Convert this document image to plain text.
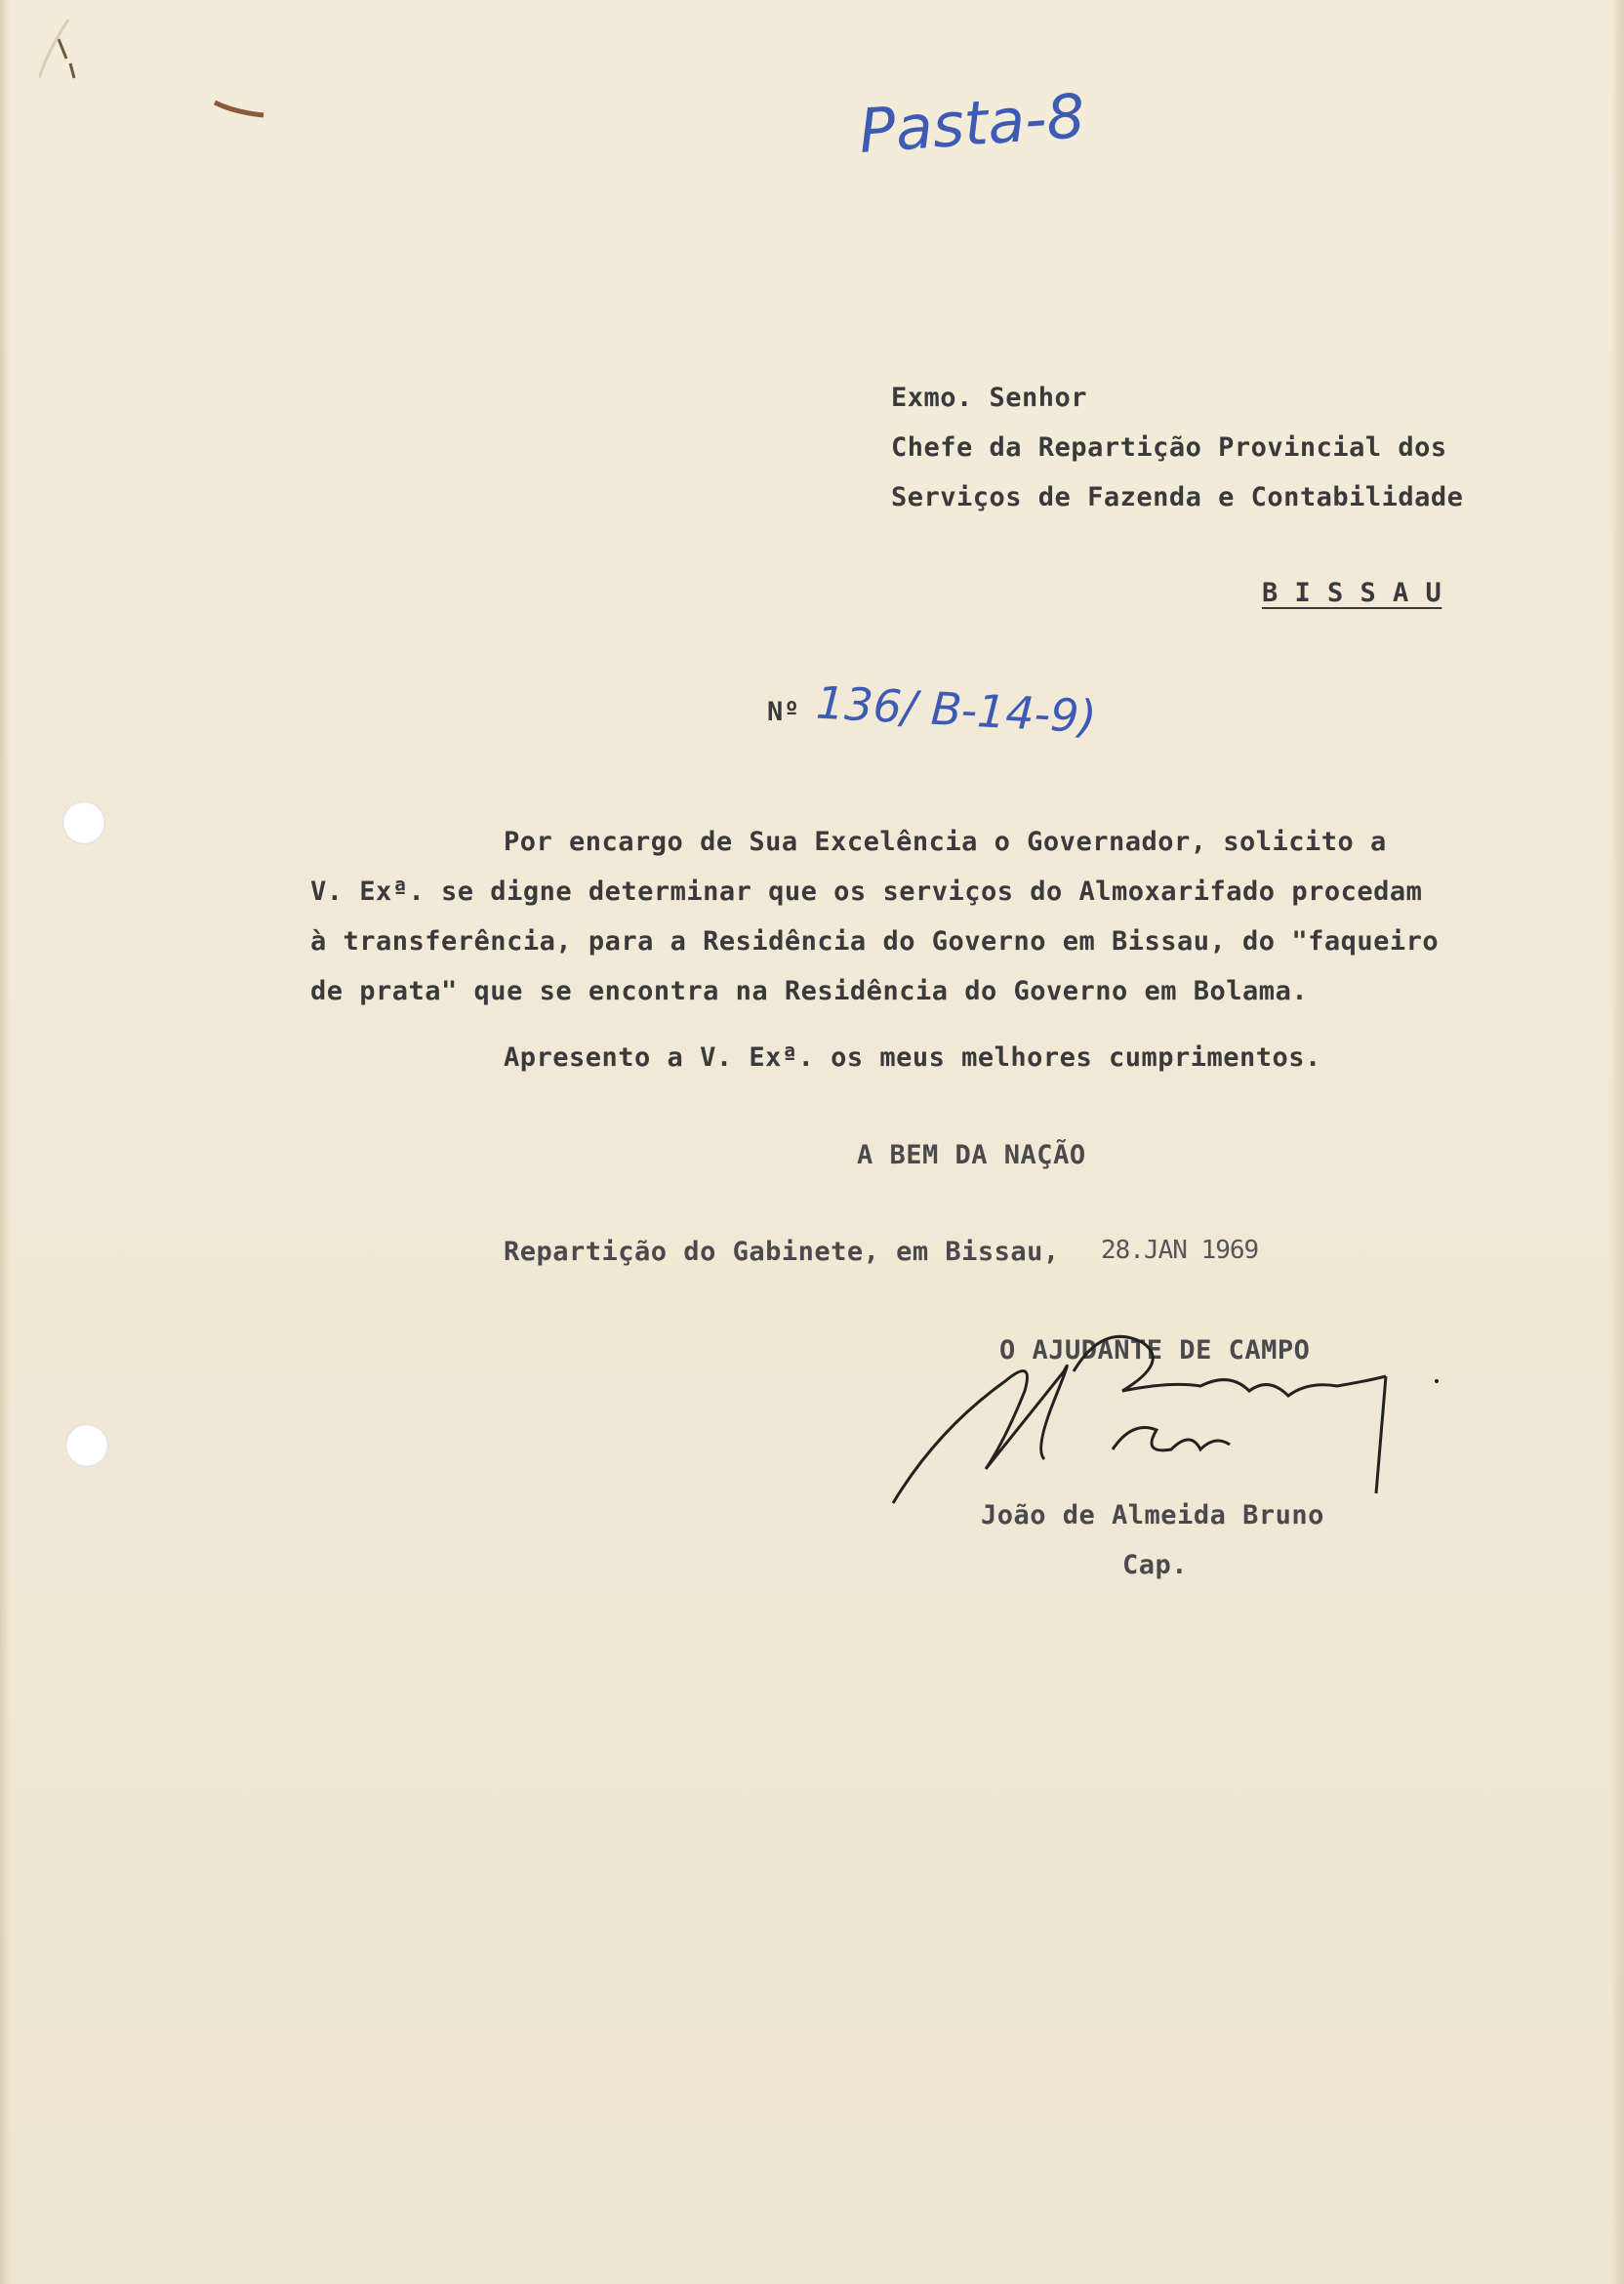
Pasta-8
Exmo. Senhor
Chefe da Repartição Provincial dos
Serviços de Fazenda e Contabilidade
B I S S A U
Nº 136/ B-14-9)
Por encargo de Sua Excelência o Governador, solicito a
V. Exª. se digne determinar que os serviços do Almoxarifado procedam
à transferência, para a Residência do Governo em Bissau, do "faqueiro
de prata" que se encontra na Residência do Governo em Bolama.
Apresento a V. Exª. os meus melhores cumprimentos.
A BEM DA NAÇÃO
Repartição do Gabinete, em Bissau, 28.JAN 1969
O AJUDANTE DE CAMPO
João de Almeida Bruno
Cap.
